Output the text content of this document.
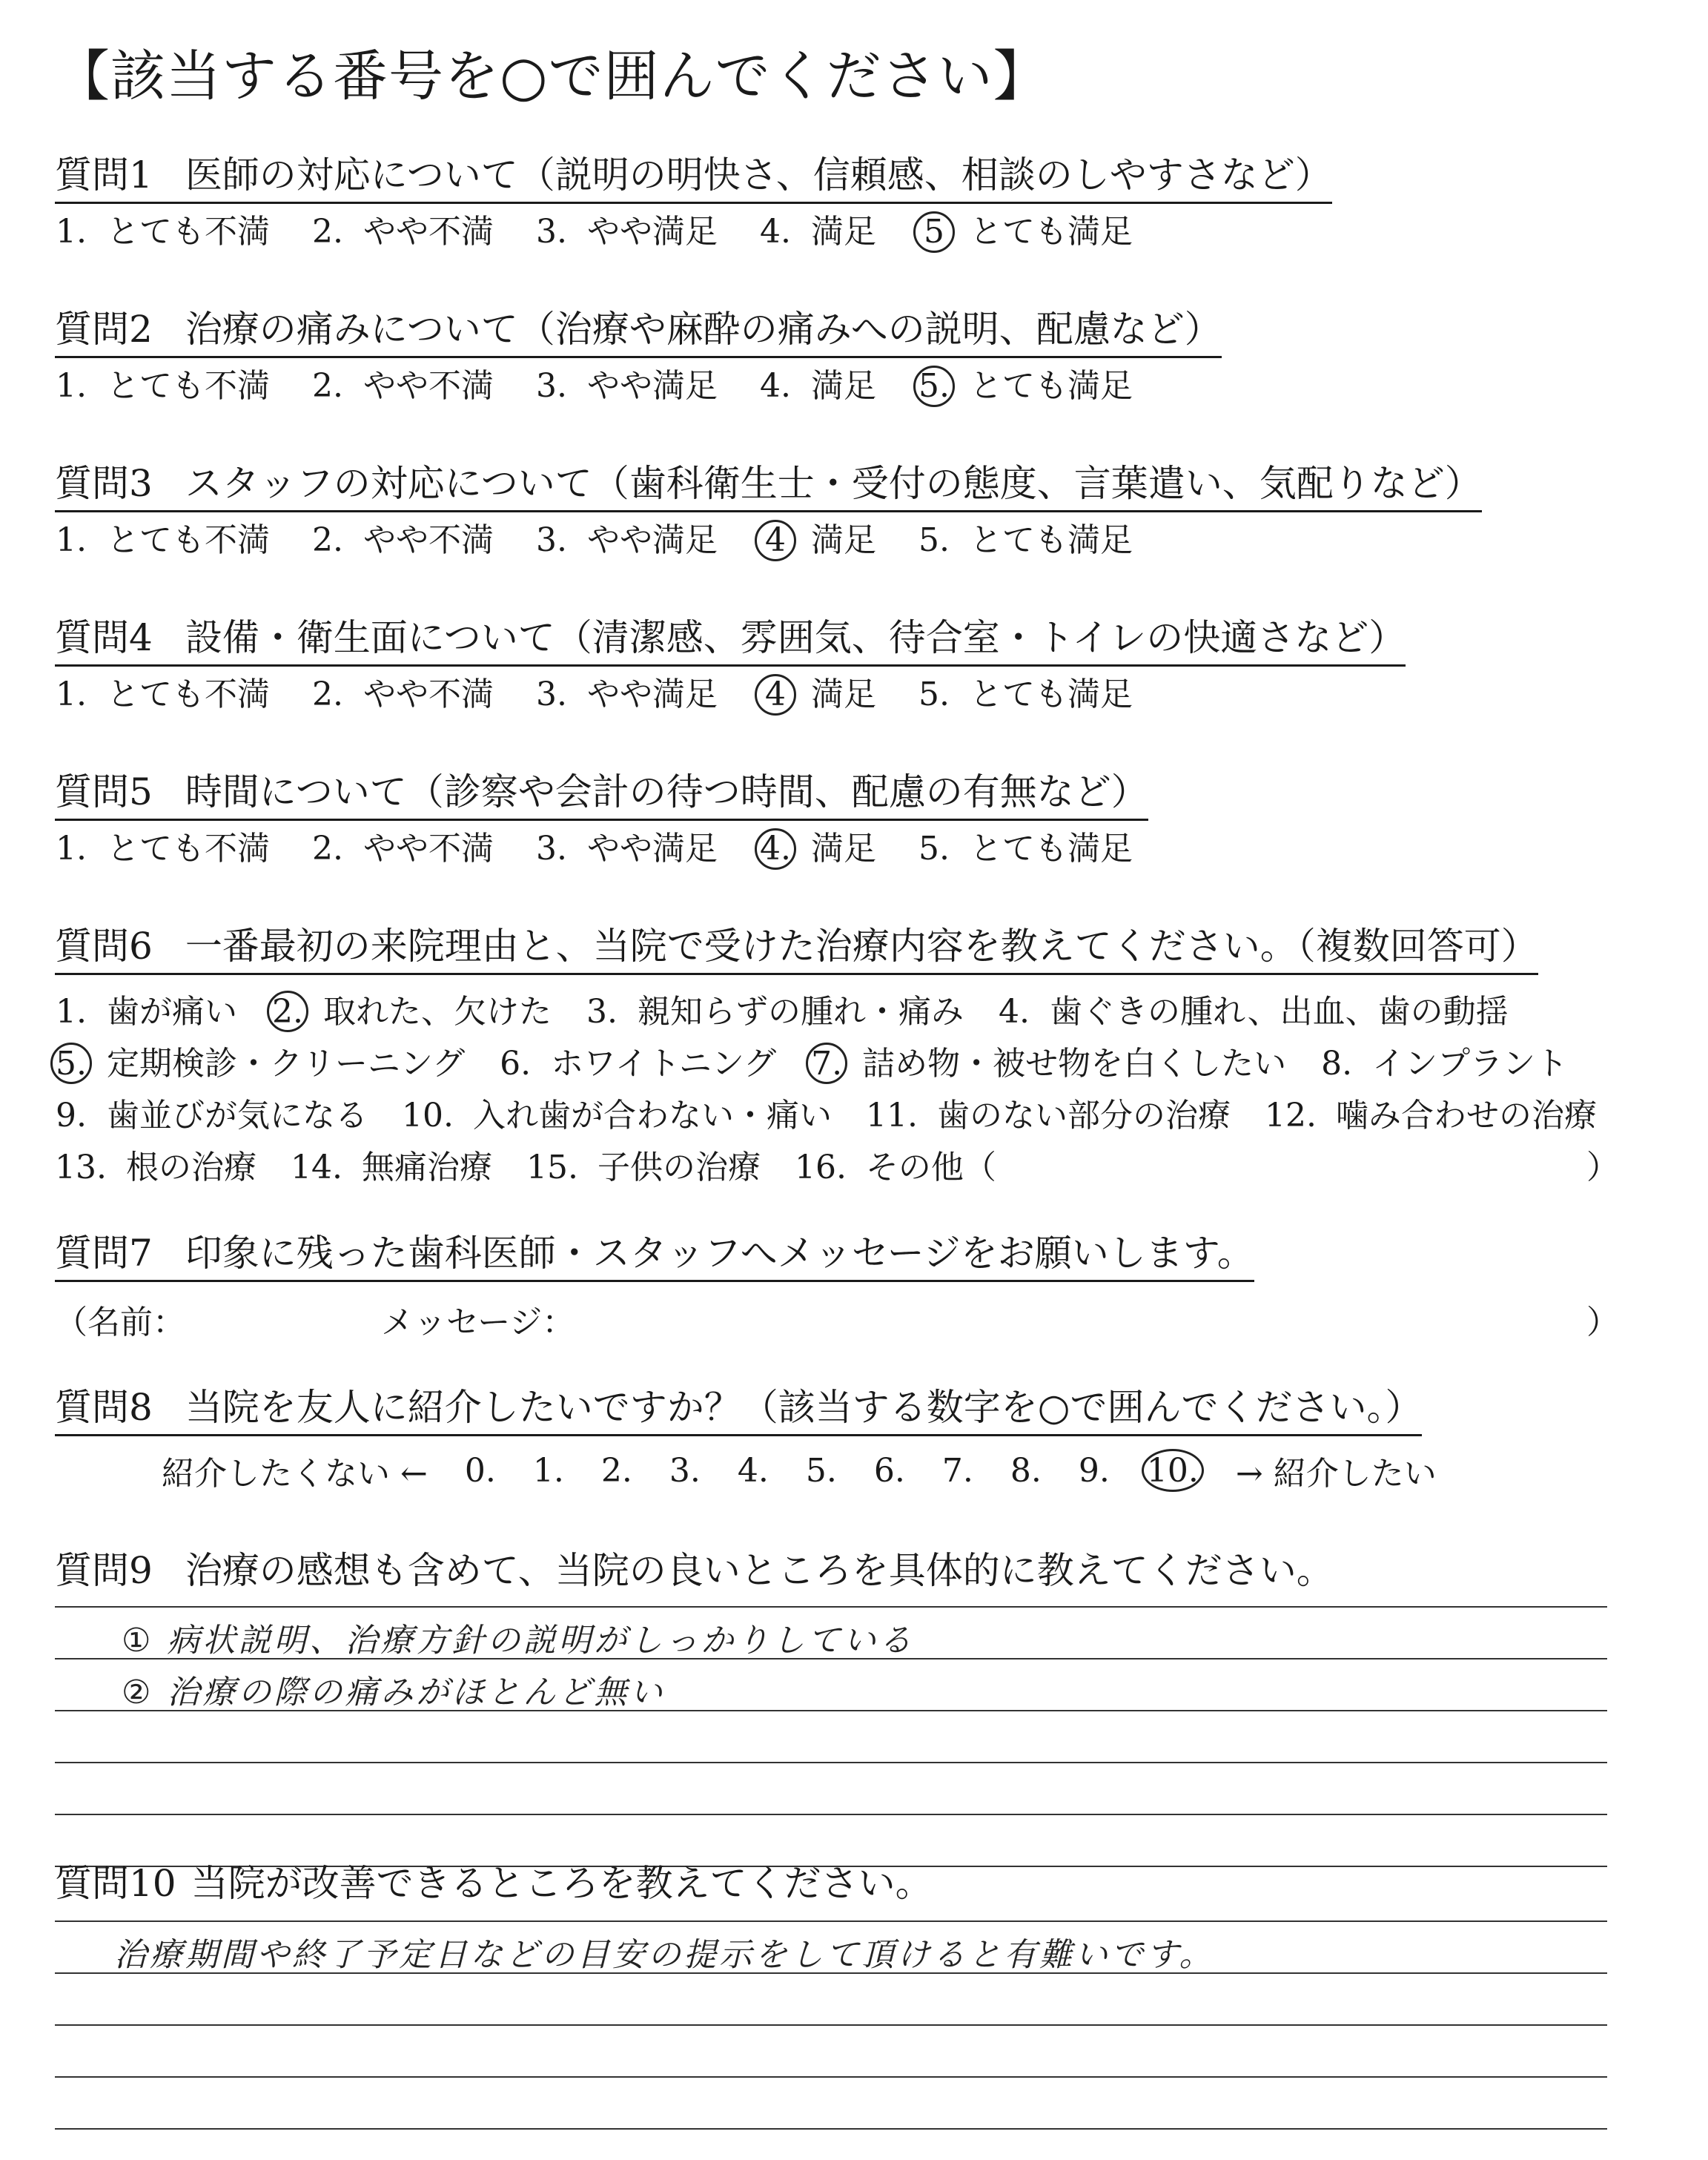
【該当する番号を○で囲んでください】
質問1 医師の対応について（説明の明快さ、信頼感、相談のしやすさなど）
1. とても不満 2. やや不満 3. やや満足 4. 満足 5 とても満足
質問2 治療の痛みについて（治療や麻酔の痛みへの説明、配慮など）
1. とても不満 2. やや不満 3. やや満足 4. 満足 5. とても満足
質問3 スタッフの対応について（歯科衛生士・受付の態度、言葉遣い、気配りなど）
1. とても不満 2. やや不満 3. やや満足 4 満足 5. とても満足
質問4 設備・衛生面について（清潔感、雰囲気、待合室・トイレの快適さなど）
1. とても不満 2. やや不満 3. やや満足 4 満足 5. とても満足
質問5 時間について（診察や会計の待つ時間、配慮の有無など）
1. とても不満 2. やや不満 3. やや満足 4. 満足 5. とても満足
質問6 一番最初の来院理由と、当院で受けた治療内容を教えてください。（複数回答可）
1. 歯が痛い 2. 取れた、欠けた 3. 親知らずの腫れ・痛み 4. 歯ぐきの腫れ、出血、歯の動揺
5. 定期検診・クリーニング 6. ホワイトニング 7. 詰め物・被せ物を白くしたい 8. インプラント
9. 歯並びが気になる 10. 入れ歯が合わない・痛い 11. 歯のない部分の治療 12. 噛み合わせの治療
13. 根の治療 14. 無痛治療 15. 子供の治療 16. その他（	）
質問7 印象に残った歯科医師・スタッフへメッセージをお願いします。
（名前：	メッセージ：	）
質問8 当院を友人に紹介したいですか？（該当する数字を○で囲んでください。）
紹介したくない ← 0. 1. 2. 3. 4. 5. 6. 7. 8. 9. 10. → 紹介したい
質問9 治療の感想も含めて、当院の良いところを具体的に教えてください。
① 病状説明、治療方針の説明がしっかりしている
② 治療の際の痛みがほとんど無い
質問10 当院が改善できるところを教えてください。
治療期間や終了予定日などの目安の提示をして頂けると有難いです。
